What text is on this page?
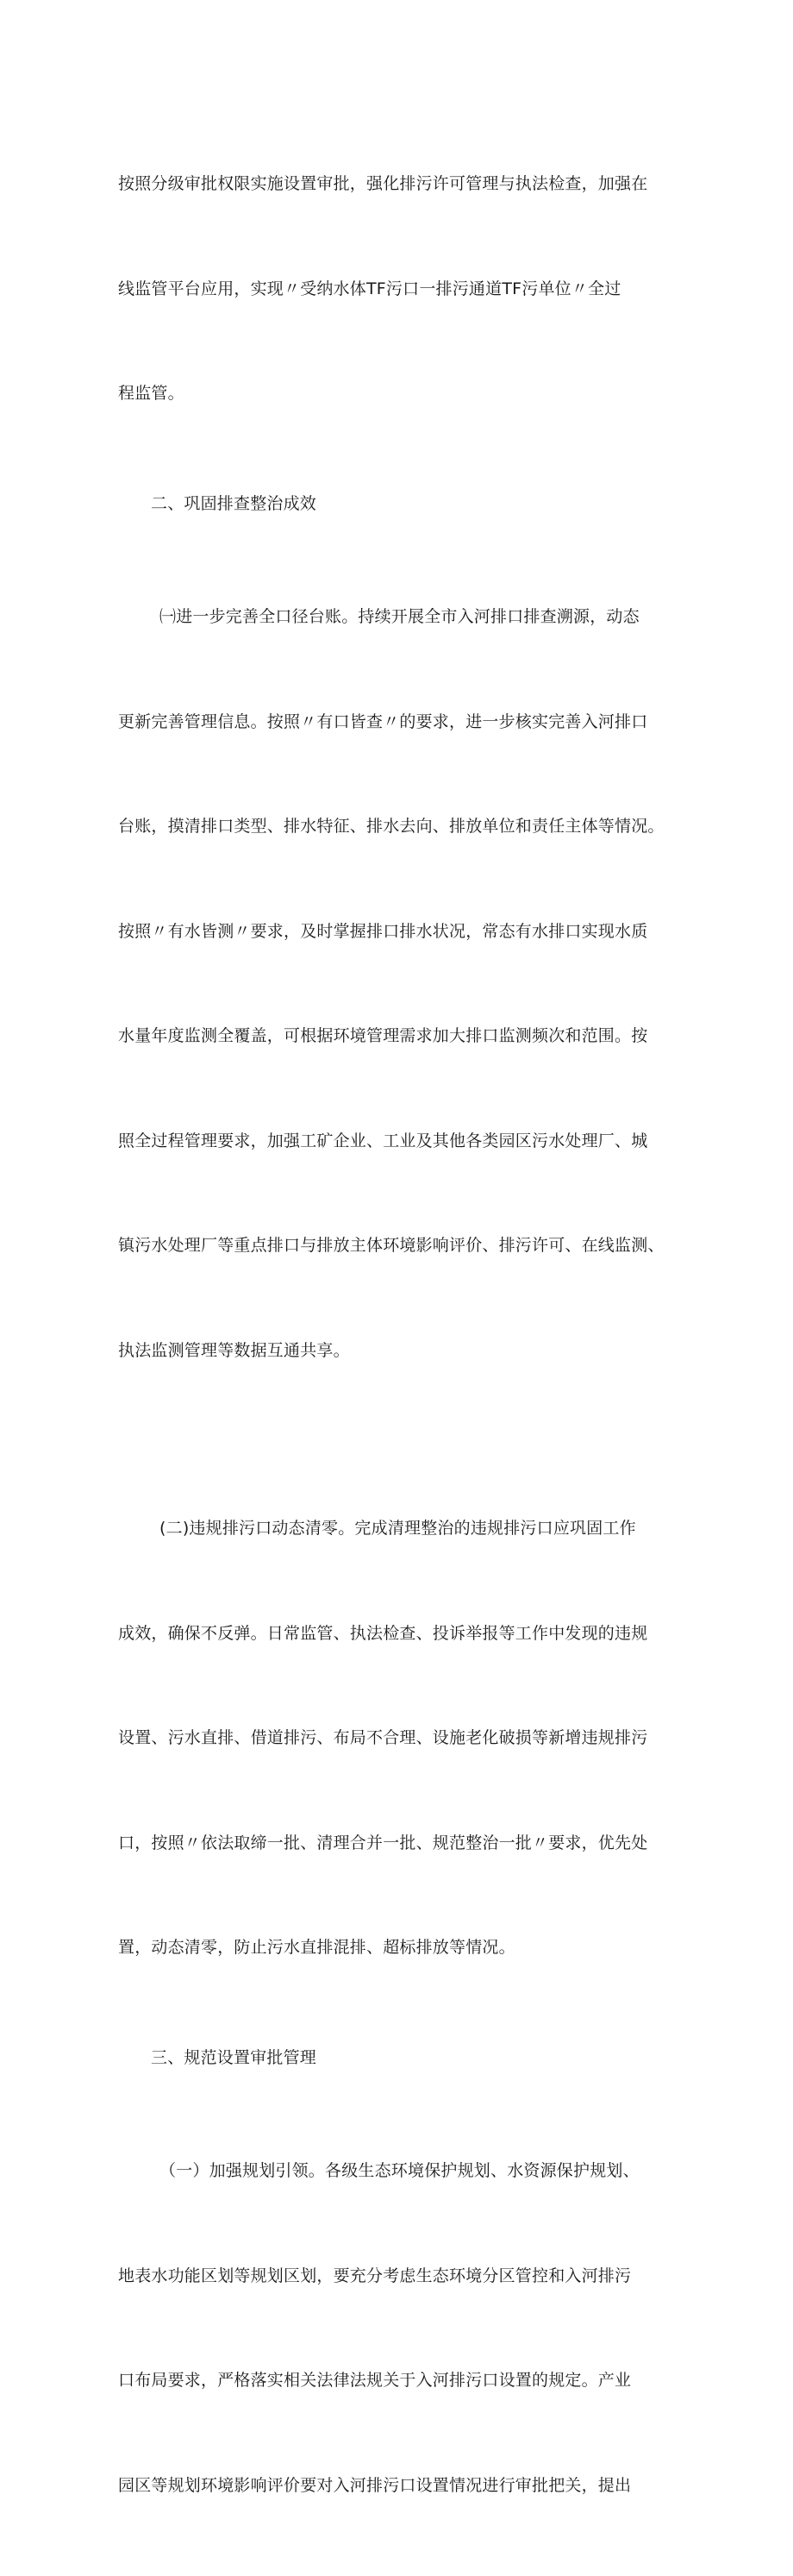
按照分级审批权限实施设置审批，强化排污许可管理与执法检查，加强在

线监管平台应用，实现〃受纳水体TF污口一排污通道TF污单位〃全过

程监管。

二、巩固排查整治成效

㈠进一步完善全口径台账。持续开展全市入河排口排查溯源，动态

更新完善管理信息。按照〃有口皆查〃的要求，进一步核实完善入河排口

台账，摸清排口类型、排水特征、排水去向、排放单位和责任主体等情况。

按照〃有水皆测〃要求，及时掌握排口排水状况，常态有水排口实现水质

水量年度监测全覆盖，可根据环境管理需求加大排口监测频次和范围。按

照全过程管理要求，加强工矿企业、工业及其他各类园区污水处理厂、城

镇污水处理厂等重点排口与排放主体环境影响评价、排污许可、在线监测、

执法监测管理等数据互通共享。

(二)违规排污口动态清零。完成清理整治的违规排污口应巩固工作

成效，确保不反弹。日常监管、执法检查、投诉举报等工作中发现的违规

设置、污水直排、借道排污、布局不合理、设施老化破损等新增违规排污

口，按照〃依法取缔一批、清理合并一批、规范整治一批〃要求，优先处

置，动态清零，防止污水直排混排、超标排放等情况。

三、规范设置审批管理

（一）加强规划引领。各级生态环境保护规划、水资源保护规划、

地表水功能区划等规划区划，要充分考虑生态环境分区管控和入河排污

口布局要求，严格落实相关法律法规关于入河排污口设置的规定。产业

园区等规划环境影响评价要对入河排污口设置情况进行审批把关，提出
